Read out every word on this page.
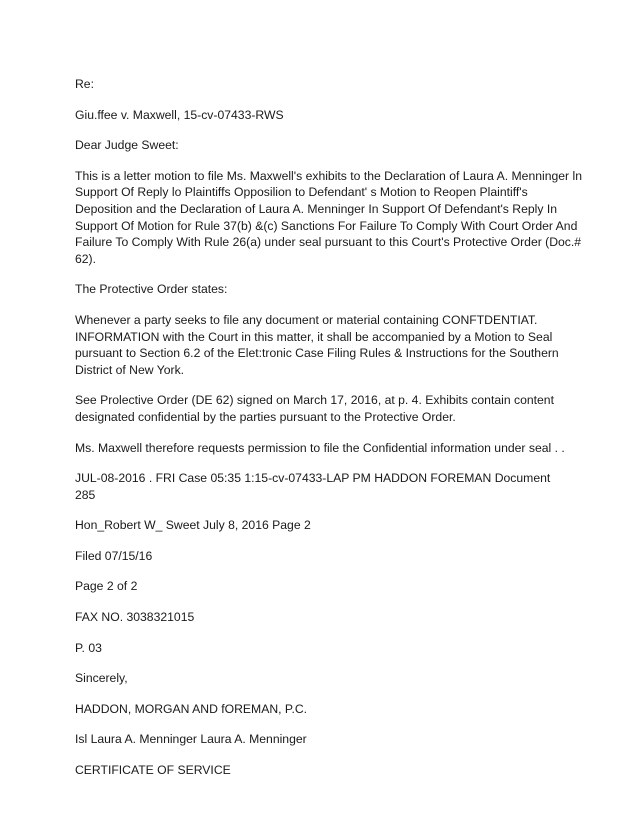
Re:

Giu.ffee v. Maxwell, 15-cv-07433-RWS

Dear Judge Sweet:

This is a letter motion to file Ms. Maxwell's exhibits to the Declaration of Laura A. Menninger ln
Support Of Reply lo Plaintiffs Opposilion to Defendant' s Motion to Reopen Plaintiff's
Deposition and the Declaration of Laura A. Menninger In Support Of Defendant's Reply In
Support Of Motion for Rule 37(b) &(c) Sanctions For Failure To Comply With Court Order And
Failure To Comply With Rule 26(a) under seal pursuant to this Court's Protective Order (Doc.#
62).

The Protective Order states:

Whenever a party seeks to file any document or material containing CONFTDENTIAT.
INFORMATION with the Court in this matter, it shall be accompanied by a Motion to Seal
pursuant to Section 6.2 of the Elet:tronic Case Filing Rules & Instructions for the Southern
District of New York.

See Prolective Order (DE 62) signed on March 17, 2016, at p. 4. Exhibits contain content
designated confidential by the parties pursuant to the Protective Order.

Ms. Maxwell therefore requests permission to file the Confidential information under seal . .

JUL-08-2016 . FRI Case 05:35 1:15-cv-07433-LAP PM HADDON FOREMAN Document 285

Hon_Robert W_ Sweet July 8, 2016 Page 2

Filed 07/15/16

Page 2 of 2

FAX NO. 3038321015

P. 03

Sincerely,

HADDON, MORGAN AND fOREMAN, P.C.

Isl Laura A. Menninger Laura A. Menninger

CERTIFICATE OF SERVICE
